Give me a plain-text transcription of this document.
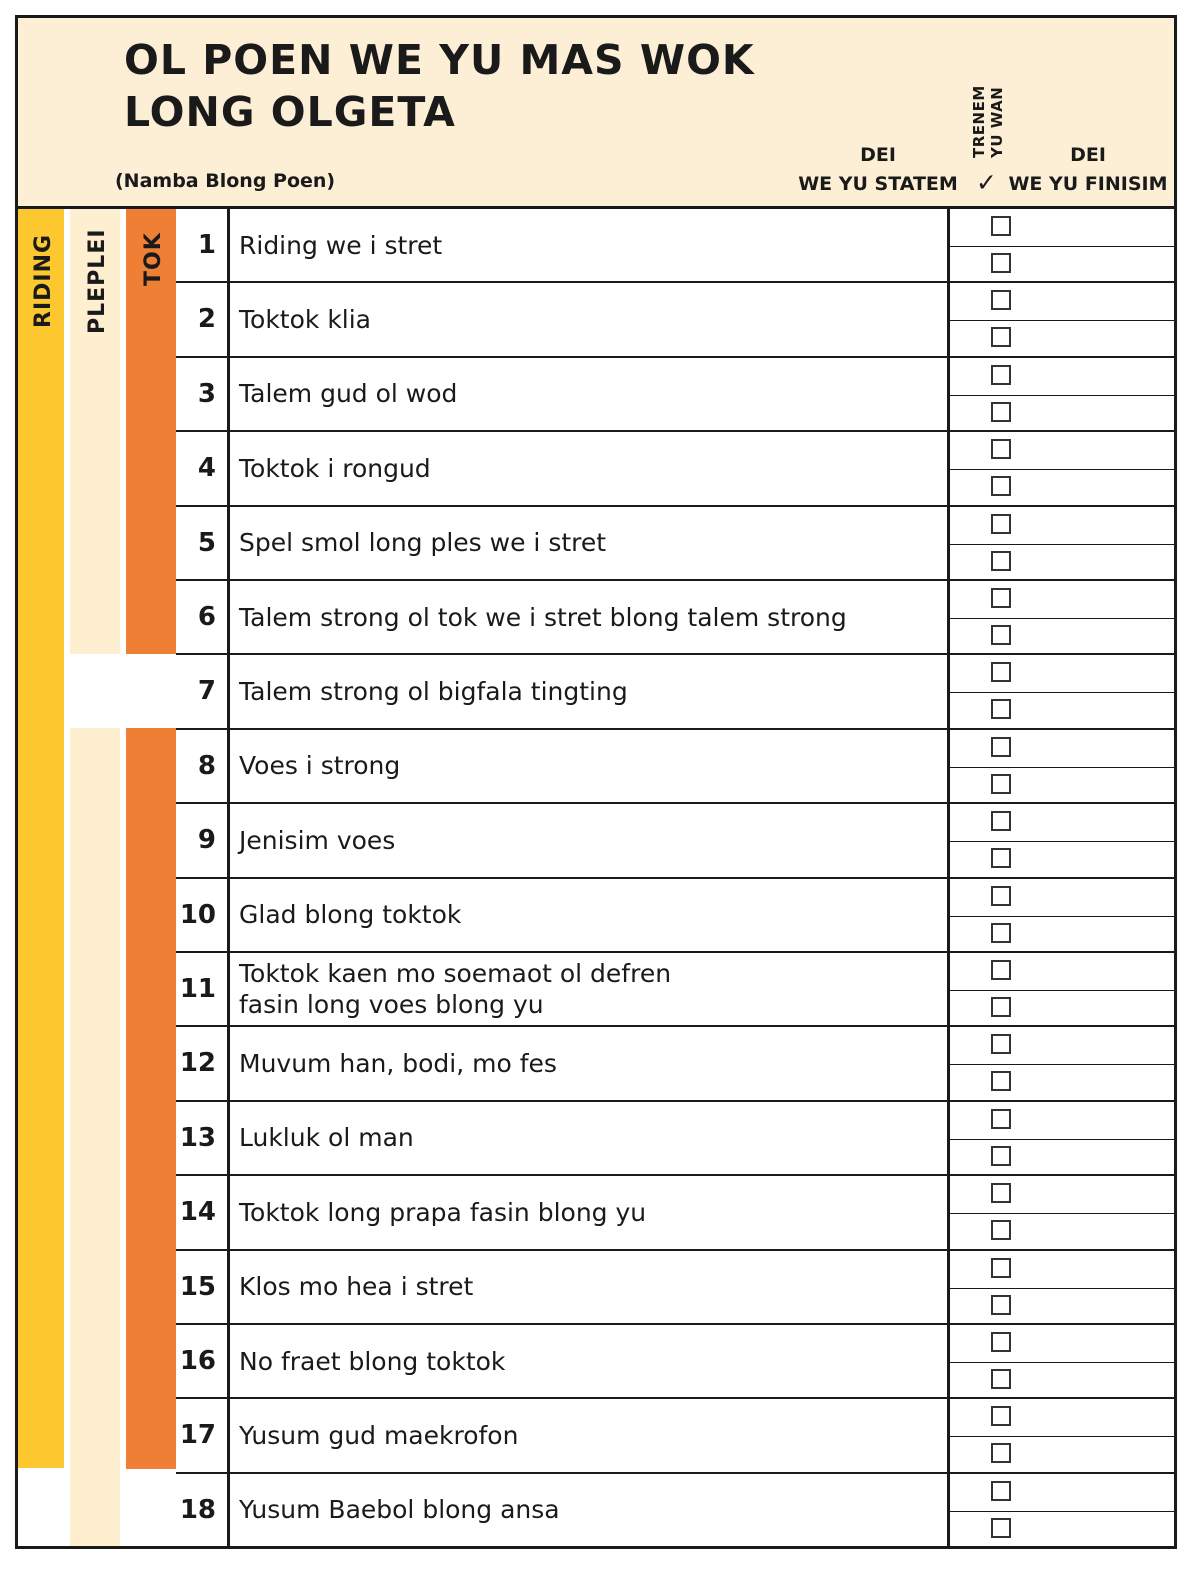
OL POEN WE YU MAS WOK

LONG OLGETA

(Namba Blong Poen)
DEI
WE YU STATEM
TRENEM YU WAN
✓
DEI
WE YU FINISIM
RIDING PLEPLEI TOK	1 Riding we i stret
2 Toktok klia
3 Talem gud ol wod
4 Toktok i rongud
5 Spel smol long ples we i stret
6 Talem strong ol tok we i stret blong talem strong
7 Talem strong ol bigfala tingting
8 Voes i strong
9 Jenisim voes
10 Glad blong toktok
11
Toktok kaen mo soemaot ol defren fasin long voes blong yu
12 Muvum han, bodi, mo fes
13 Lukluk ol man
14 Toktok long prapa fasin blong yu
15 Klos mo hea i stret
16 No fraet blong toktok
17 Yusum gud maekrofon
18 Yusum Baebol blong ansa
